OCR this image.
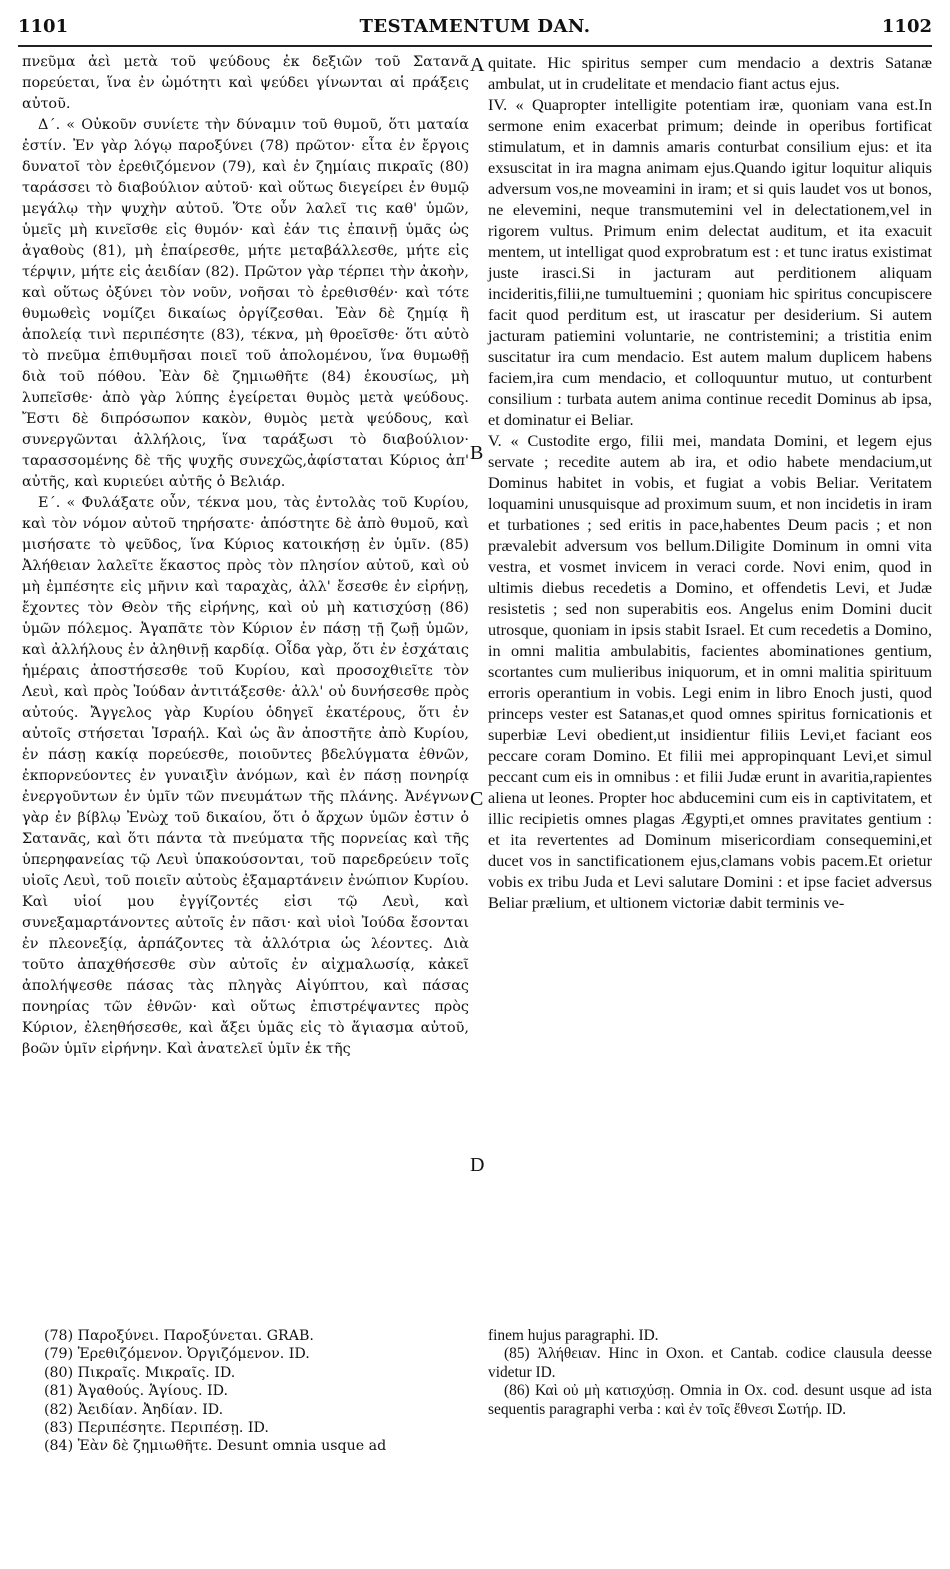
1101	TESTAMENTUM DAN.	1102

πνεῦμα ἀεὶ μετὰ τοῦ ψεύδους ἐκ δεξιῶν τοῦ Σατανᾶ πορεύεται, ἵνα ἐν ὠμότητι καὶ ψεύδει γίνωνται αἱ πράξεις αὐτοῦ.

Δ΄. « Οὐκοῦν συνίετε τὴν δύναμιν τοῦ θυμοῦ, ὅτι ματαία ἐστίν. Ἐν γὰρ λόγῳ παροξύνει (78) πρῶτον· εἶτα ἐν ἔργοις δυνατοῖ τὸν ἐρεθιζόμενον (79), καὶ ἐν ζημίαις πικραῖς (80) ταράσσει τὸ διαβούλιον αὐτοῦ· καὶ οὕτως διεγείρει ἐν θυμῷ μεγάλῳ τὴν ψυχὴν αὐτοῦ. Ὅτε οὖν λαλεῖ τις καθ' ὑμῶν, ὑμεῖς μὴ κινεῖσθε εἰς θυμόν· καὶ ἐάν τις ἐπαινῇ ὑμᾶς ὡς ἀγαθοὺς (81), μὴ ἐπαίρεσθε, μήτε μεταβάλλεσθε, μήτε εἰς τέρψιν, μήτε εἰς ἀειδίαν (82). Πρῶτον γὰρ τέρπει τὴν ἀκοὴν, καὶ οὕτως ὀξύνει τὸν νοῦν, νοῆσαι τὸ ἐρεθισθέν· καὶ τότε θυμωθεὶς νομίζει δικαίως ὀργίζεσθαι. Ἐὰν δὲ ζημίᾳ ἢ ἀπολείᾳ τινὶ περιπέσητε (83), τέκνα, μὴ θροεῖσθε· ὅτι αὐτὸ τὸ πνεῦμα ἐπιθυμῆσαι ποιεῖ τοῦ ἀπολομένου, ἵνα θυμωθῇ διὰ τοῦ πόθου. Ἐὰν δὲ ζημιωθῆτε (84) ἑκουσίως, μὴ λυπεῖσθε· ἀπὸ γὰρ λύπης ἐγείρεται θυμὸς μετὰ ψεύδους. Ἔστι δὲ διπρόσωπον κακὸν, θυμὸς μετὰ ψεύδους, καὶ συνεργῶνται ἀλλήλοις, ἵνα ταράξωσι τὸ διαβούλιον· ταρασσομένης δὲ τῆς ψυχῆς συνεχῶς,ἀφίσταται Κύριος ἀπ' αὐτῆς, καὶ κυριεύει αὐτῆς ὁ Βελιάρ.

Ε΄. « Φυλάξατε οὖν, τέκνα μου, τὰς ἐντολὰς τοῦ Κυρίου, καὶ τὸν νόμον αὐτοῦ τηρήσατε· ἀπόστητε δὲ ἀπὸ θυμοῦ, καὶ μισήσατε τὸ ψεῦδος, ἵνα Κύριος κατοικήσῃ ἐν ὑμῖν. (85) Ἀλήθειαν λαλεῖτε ἕκαστος πρὸς τὸν πλησίον αὐτοῦ, καὶ οὐ μὴ ἐμπέσητε εἰς μῆνιν καὶ ταραχὰς, ἀλλ' ἔσεσθε ἐν εἰρήνῃ, ἔχοντες τὸν Θεὸν τῆς εἰρήνης, καὶ οὐ μὴ κατισχύσῃ (86) ὑμῶν πόλεμος. Ἀγαπᾶτε τὸν Κύριον ἐν πάσῃ τῇ ζωῇ ὑμῶν, καὶ ἀλλήλους ἐν ἀληθινῇ καρδίᾳ. Οἶδα γὰρ, ὅτι ἐν ἐσχάταις ἡμέραις ἀποστήσεσθε τοῦ Κυρίου, καὶ προσοχθιεῖτε τὸν Λευὶ, καὶ πρὸς Ἰούδαν ἀντιτάξεσθε· ἀλλ' οὐ δυνήσεσθε πρὸς αὐτούς. Ἄγγελος γὰρ Κυρίου ὁδηγεῖ ἑκατέρους, ὅτι ἐν αὐτοῖς στήσεται Ἰσραήλ. Καὶ ὡς ἂν ἀποστῆτε ἀπὸ Κυρίου, ἐν πάσῃ κακίᾳ πορεύεσθε, ποιοῦντες βδελύγματα ἐθνῶν, ἐκπορνεύοντες ἐν γυναιξὶν ἀνόμων, καὶ ἐν πάσῃ πονηρίᾳ ἐνεργοῦντων ἐν ὑμῖν τῶν πνευμάτων τῆς πλάνης. Ἀνέγνων γὰρ ἐν βίβλῳ Ἐνὼχ τοῦ δικαίου, ὅτι ὁ ἄρχων ὑμῶν ἐστιν ὁ Σατανᾶς, καὶ ὅτι πάντα τὰ πνεύματα τῆς πορνείας καὶ τῆς ὑπερηφανείας τῷ Λευὶ ὑπακούσονται, τοῦ παρεδρεύειν τοῖς υἱοῖς Λευὶ, τοῦ ποιεῖν αὐτοὺς ἐξαμαρτάνειν ἐνώπιον Κυρίου. Καὶ υἱοί μου ἐγγίζοντές εἰσι τῷ Λευὶ, καὶ συνεξαμαρτάνοντες αὐτοῖς ἐν πᾶσι· καὶ υἱοὶ Ἰούδα ἔσονται ἐν πλεονεξίᾳ, ἁρπάζοντες τὰ ἀλλότρια ὡς λέοντες. Διὰ τοῦτο ἀπαχθήσεσθε σὺν αὐτοῖς ἐν αἰχμαλωσίᾳ, κἀκεῖ ἀπολήψεσθε πάσας τὰς πληγὰς Αἰγύπτου, καὶ πάσας πονηρίας τῶν ἐθνῶν· καὶ οὕτως ἐπιστρέψαντες πρὸς Κύριον, ἐλεηθήσεσθε, καὶ ἄξει ὑμᾶς εἰς τὸ ἅγιασμα αὐτοῦ, βοῶν ὑμῖν εἰρήνην. Καὶ ἀνατελεῖ ὑμῖν ἐκ τῆς

A
B
C
D

quitate. Hic spiritus semper cum mendacio a dextris Satanæ ambulat, ut in crudelitate et mendacio fiant actus ejus.

IV. « Quapropter intelligite potentiam iræ, quoniam vana est.In sermone enim exacerbat primum; deinde in operibus fortificat stimulatum, et in damnis amaris conturbat consilium ejus: et ita exsuscitat in ira magna animam ejus.Quando igitur loquitur aliquis adversum vos,ne moveamini in iram; et si quis laudet vos ut bonos, ne elevemini, neque transmutemini vel in delectationem,vel in rigorem vultus. Primum enim delectat auditum, et ita exacuit mentem, ut intelligat quod exprobratum est : et tunc iratus existimat juste irasci.Si in jacturam aut perditionem aliquam incideritis,filii,ne tumultuemini ; quoniam hic spiritus concupiscere facit quod perditum est, ut irascatur per desiderium. Si autem jacturam patiemini voluntarie, ne contristemini; a tristitia enim suscitatur ira cum mendacio. Est autem malum duplicem habens faciem,ira cum mendacio, et colloquuntur mutuo, ut conturbent consilium : turbata autem anima continue recedit Dominus ab ipsa, et dominatur ei Beliar.

V. « Custodite ergo, filii mei, mandata Domini, et legem ejus servate ; recedite autem ab ira, et odio habete mendacium,ut Dominus habitet in vobis, et fugiat a vobis Beliar. Veritatem loquamini unusquisque ad proximum suum, et non incidetis in iram et turbationes ; sed eritis in pace,habentes Deum pacis ; et non prævalebit adversum vos bellum.Diligite Dominum in omni vita vestra, et vosmet invicem in veraci corde. Novi enim, quod in ultimis diebus recedetis a Domino, et offendetis Levi, et Judæ resistetis ; sed non superabitis eos. Angelus enim Domini ducit utrosque, quoniam in ipsis stabit Israel. Et cum recedetis a Domino, in omni malitia ambulabitis, facientes abominationes gentium, scortantes cum mulieribus iniquorum, et in omni malitia spirituum erroris operantium in vobis. Legi enim in libro Enoch justi, quod princeps vester est Satanas,et quod omnes spiritus fornicationis et superbiæ Levi obedient,ut insidientur filiis Levi,et faciant eos peccare coram Domino. Et filii mei appropinquant Levi,et simul peccant cum eis in omnibus : et filii Judæ erunt in avaritia,rapientes aliena ut leones. Propter hoc abducemini cum eis in captivitatem, et illic recipietis omnes plagas Ægypti,et omnes pravitates gentium : et ita revertentes ad Dominum misericordiam consequemini,et ducet vos in sanctificationem ejus,clamans vobis pacem.Et orietur vobis ex tribu Juda et Levi salutare Domini : et ipse faciet adversus Beliar prælium, et ultionem victoriæ dabit terminis ve-

(78) Παροξύνει. Παροξύνεται. GRAB.

(79) Ἐρεθιζόμενον. Ὀργιζόμενον. ID.

(80) Πικραῖς. Μικραῖς. ID.

(81) Ἀγαθούς. Ἁγίους. ID.

(82) Ἀειδίαν. Ἀηδίαν. ID.

(83) Περιπέσητε. Περιπέσῃ. ID.

(84) Ἐὰν δὲ ζημιωθῆτε. Desunt omnia usque ad

finem hujus paragraphi. ID.

(85) Ἀλήθειαν. Hinc in Oxon. et Cantab. codice clausula deesse videtur ID.

(86) Καὶ οὐ μὴ κατισχύσῃ. Omnia in Ox. cod. desunt usque ad ista sequentis paragraphi verba : καὶ ἐν τοῖς ἔθνεσι Σωτήρ. ID.
